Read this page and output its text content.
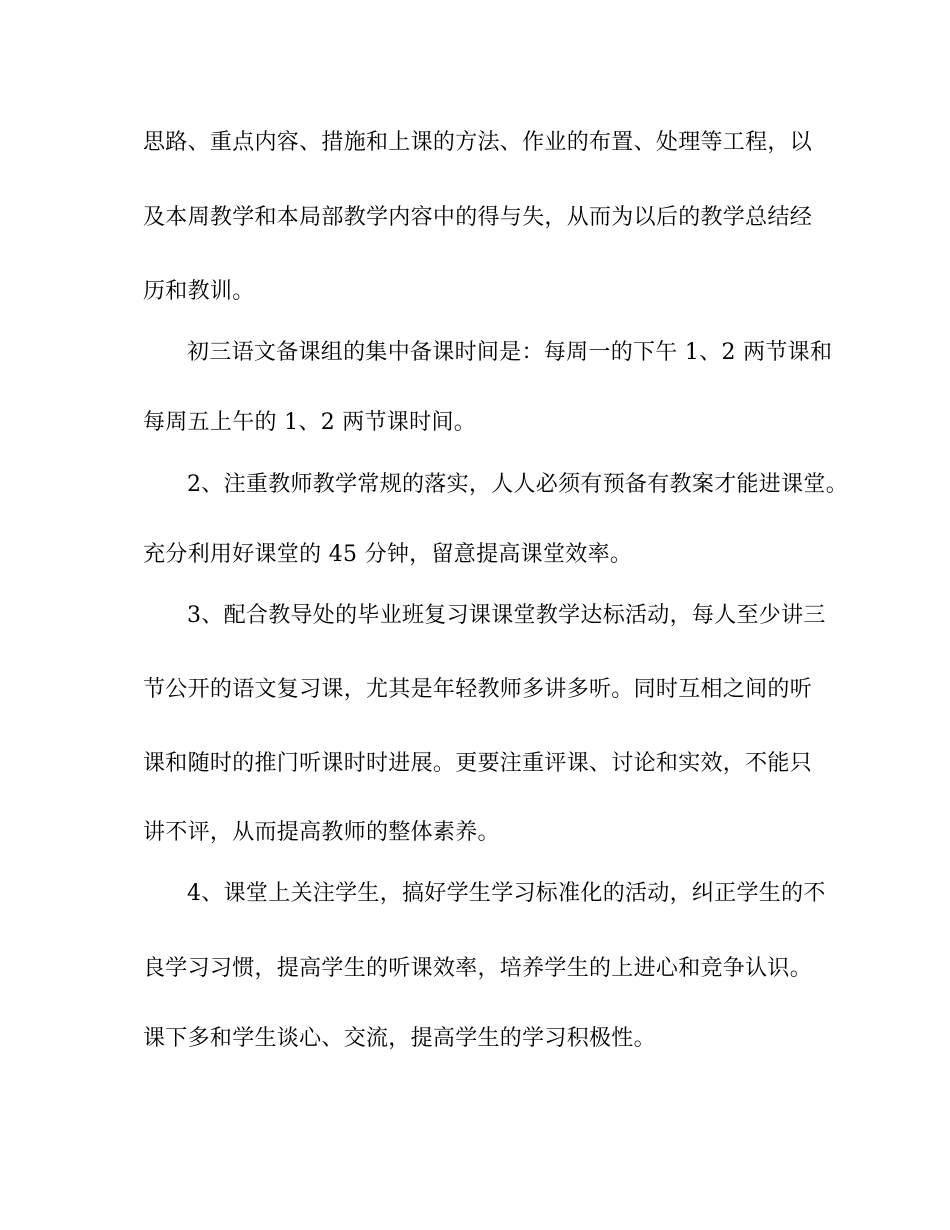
思路、重点内容、措施和上课的方法、作业的布置、处理等工程，以
及本周教学和本局部教学内容中的得与失，从而为以后的教学总结经
历和教训。
初三语文备课组的集中备课时间是：每周一的下午 1、2 两节课和
每周五上午的 1、2 两节课时间。
2、注重教师教学常规的落实，人人必须有预备有教案才能进课堂。
充分利用好课堂的 45 分钟，留意提高课堂效率。
3、配合教导处的毕业班复习课课堂教学达标活动，每人至少讲三
节公开的语文复习课，尤其是年轻教师多讲多听。同时互相之间的听
课和随时的推门听课时时进展。更要注重评课、讨论和实效，不能只
讲不评，从而提高教师的整体素养。
4、课堂上关注学生，搞好学生学习标准化的活动，纠正学生的不
良学习习惯，提高学生的听课效率，培养学生的上进心和竞争认识。
课下多和学生谈心、交流，提高学生的学习积极性。
